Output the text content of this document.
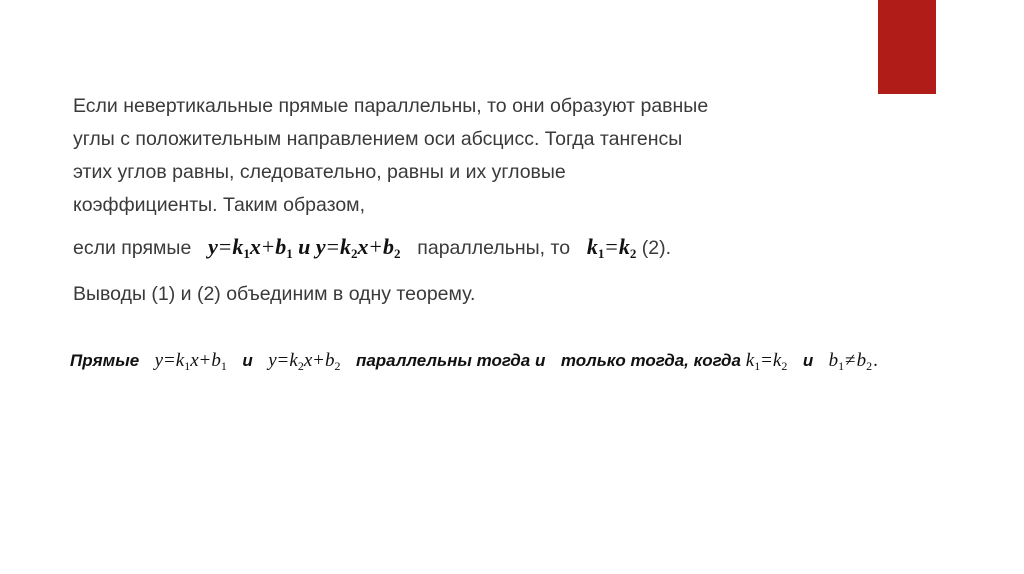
Если невертикальные прямые параллельны, то они образуют равные
углы с положительным направлением оси абсцисс. Тогда тангенсы
этих углов равны, следовательно, равны и их угловые
коэффициенты. Таким образом,
если прямые $y=k_1x+b_1$ и $y=k_2x+b_2$ параллельны, то $k_1=k_2$ (2).
Выводы (1) и (2) объединим в одну теорему.
Прямые $y=k_1x+b_1$ и $y=k_2x+b_2$ параллельны тогда и только тогда, когда $k_1=k_2$ и $b_1\ne b_2$.
